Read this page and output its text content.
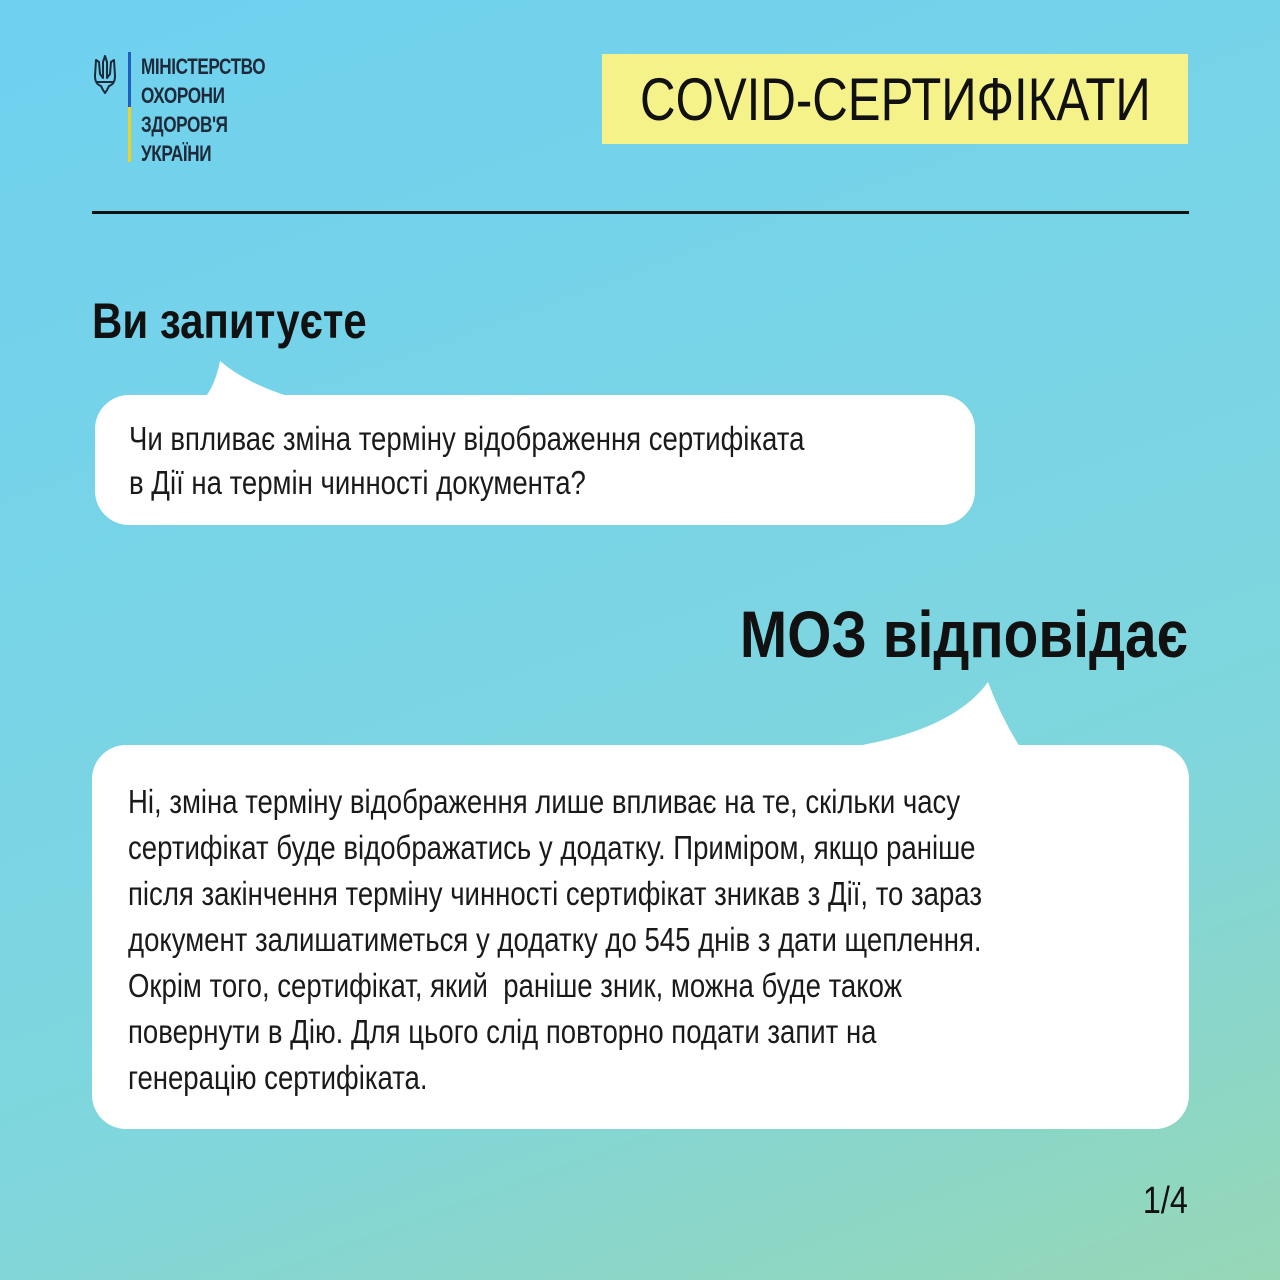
МІНІСТЕРСТВО
ОХОРОНИ
ЗДОРОВ'Я
УКРАЇНИ
COVID-СЕРТИФІКАТИ
Ви запитуєте
Чи впливає зміна терміну відображення сертифіката
в Дії на термін чинності документа?
МОЗ відповідає
Ні, зміна терміну відображення лише впливає на те, скільки часу
сертифікат буде відображатись у додатку. Приміром, якщо раніше
після закінчення терміну чинності сертифікат зникав з Дії, то зараз
документ залишатиметься у додатку до 545 днів з дати щеплення.
Окрім того, сертифікат, який  раніше зник, можна буде також
повернути в Дію. Для цього слід повторно подати запит на
генерацію сертифіката.
1/4
